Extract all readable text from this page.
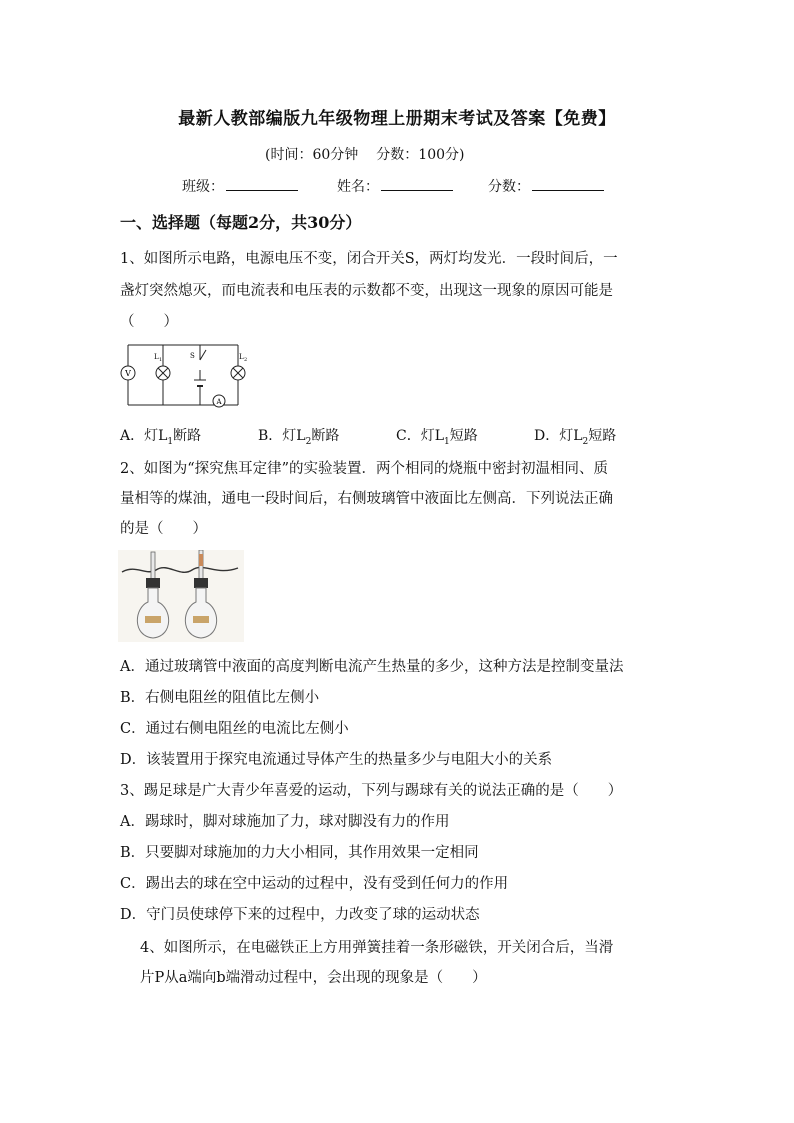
最新人教部编版九年级物理上册期末考试及答案【免费】
(时间：60分钟 分数：100分)
班级：	姓名：	分数：
一、选择题（每题2分，共30分）
1、如图所示电路，电源电压不变，闭合开关S，两灯均发光．一段时间后，一
盏灯突然熄灭，而电流表和电压表的示数都不变，出现这一现象的原因可能是
（　　）
V
L 1	S	L 2
A
A．灯$L_1$断路	B．灯$L_2$断路	C．灯$L_1$短路	D．灯$L_2$短路
2、如图为“探究焦耳定律”的实验装置．两个相同的烧瓶中密封初温相同、质
量相等的煤油，通电一段时间后，右侧玻璃管中液面比左侧高．下列说法正确
的是（　　）
A．通过玻璃管中液面的高度判断电流产生热量的多少，这种方法是控制变量法
B．右侧电阻丝的阻值比左侧小
C．通过右侧电阻丝的电流比左侧小
D．该装置用于探究电流通过导体产生的热量多少与电阻大小的关系
3、踢足球是广大青少年喜爱的运动，下列与踢球有关的说法正确的是（　　）
A．踢球时，脚对球施加了力，球对脚没有力的作用
B．只要脚对球施加的力大小相同，其作用效果一定相同
C．踢出去的球在空中运动的过程中，没有受到任何力的作用
D．守门员使球停下来的过程中，力改变了球的运动状态
4、如图所示，在电磁铁正上方用弹簧挂着一条形磁铁，开关闭合后，当滑
片P从a端向b端滑动过程中，会出现的现象是（　　）
